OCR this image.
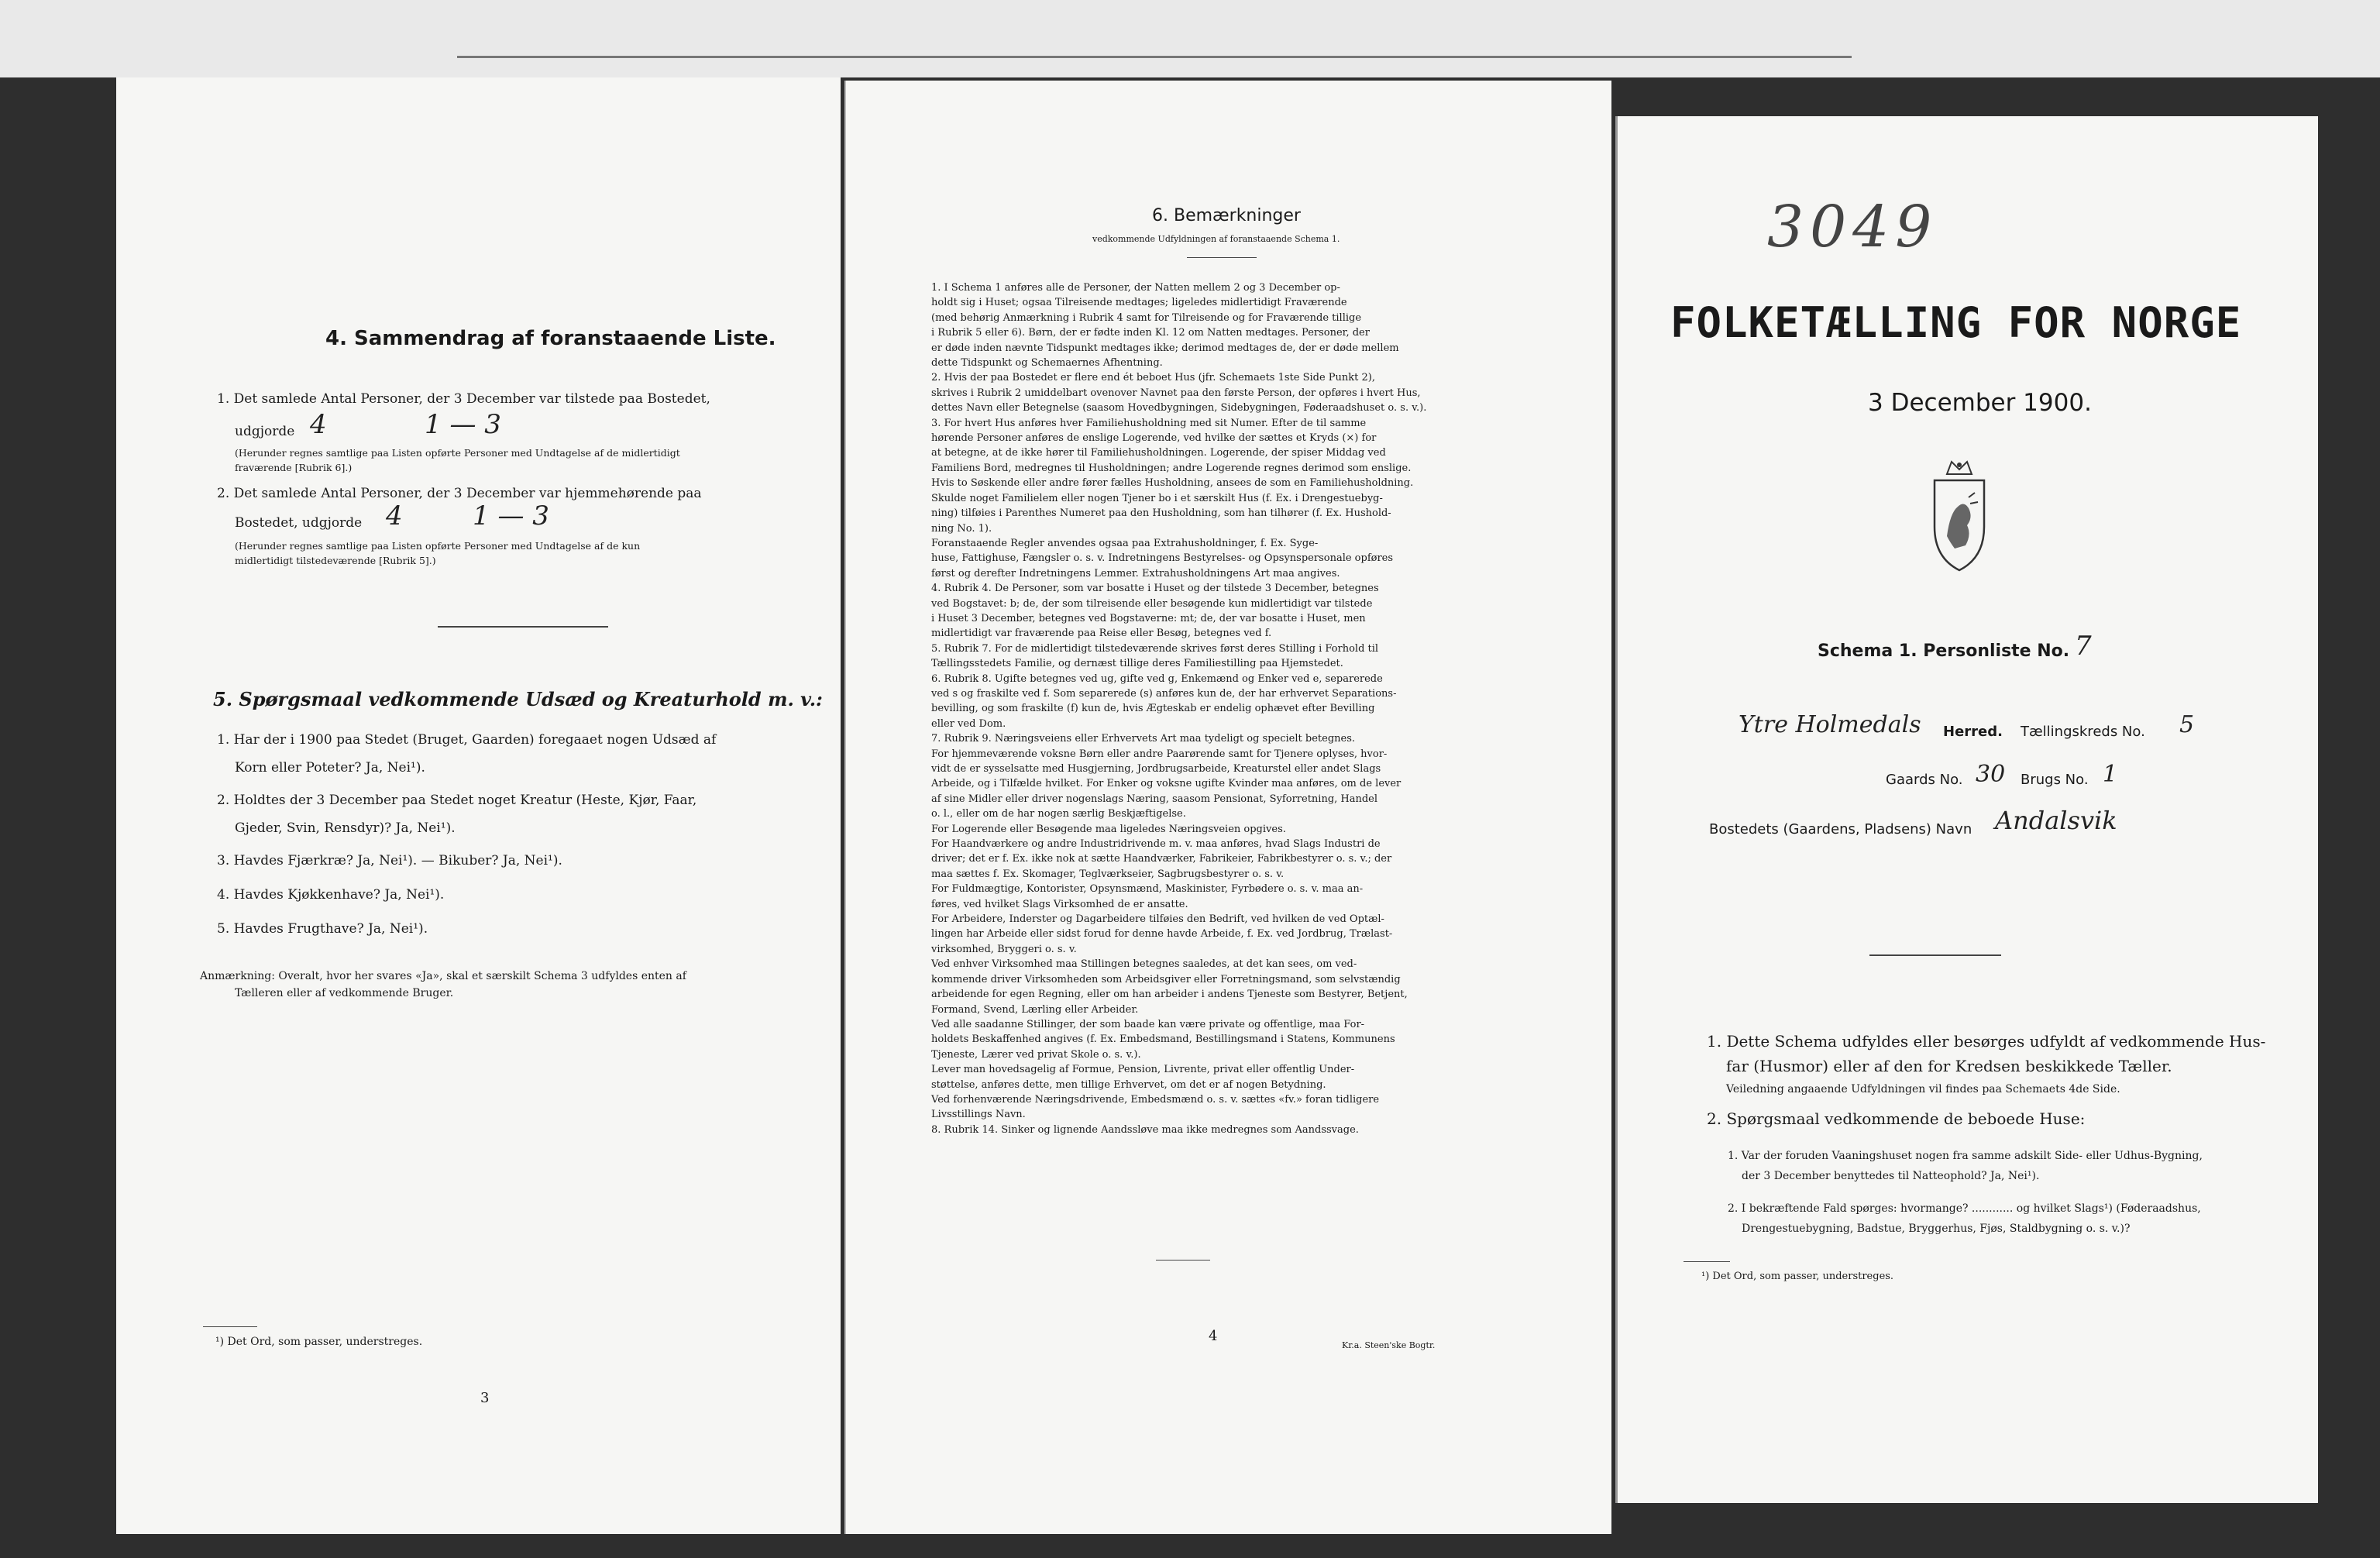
4. Sammendrag af foranstaaende Liste.
1. Det samlede Antal Personer, der 3 December var tilstede paa Bostedet,
udgjorde 4	1 — 3
(Herunder regnes samtlige paa Listen opførte Personer med Undtagelse af de midlertidigt
fraværende [Rubrik 6].)
2. Det samlede Antal Personer, der 3 December var hjemmehørende paa
Bostedet, udgjorde 4	1 — 3
(Herunder regnes samtlige paa Listen opførte Personer med Undtagelse af de kun
midlertidigt tilstedeværende [Rubrik 5].)
5. Spørgsmaal vedkommende Udsæd og Kreaturhold m. v.:
1. Har der i 1900 paa Stedet (Bruget, Gaarden) foregaaet nogen Udsæd af
Korn eller Poteter? Ja, Nei¹).
2. Holdtes der 3 December paa Stedet noget Kreatur (Heste, Kjør, Faar,
Gjeder, Svin, Rensdyr)? Ja, Nei¹).
3. Havdes Fjærkræ? Ja, Nei¹). — Bikuber? Ja, Nei¹).
4. Havdes Kjøkkenhave? Ja, Nei¹).
5. Havdes Frugthave? Ja, Nei¹).
Anmærkning: Overalt, hvor her svares «Ja», skal et særskilt Schema 3 udfyldes enten af
Tælleren eller af vedkommende Bruger.
¹) Det Ord, som passer, understreges.
3
6. Bemærkninger
vedkommende Udfyldningen af foranstaaende Schema 1.
1. I Schema 1 anføres alle de Personer, der Natten mellem 2 og 3 December op-
holdt sig i Huset; ogsaa Tilreisende medtages; ligeledes midlertidigt Fraværende
(med behørig Anmærkning i Rubrik 4 samt for Tilreisende og for Fraværende tillige
i Rubrik 5 eller 6). Børn, der er fødte inden Kl. 12 om Natten medtages. Personer, der
er døde inden nævnte Tidspunkt medtages ikke; derimod medtages de, der er døde mellem
dette Tidspunkt og Schemaernes Afhentning.
2. Hvis der paa Bostedet er flere end ét beboet Hus (jfr. Schemaets 1ste Side Punkt 2),
skrives i Rubrik 2 umiddelbart ovenover Navnet paa den første Person, der opføres i hvert Hus,
dettes Navn eller Betegnelse (saasom Hovedbygningen, Sidebygningen, Føderaadshuset o. s. v.).
3. For hvert Hus anføres hver Familiehusholdning med sit Numer. Efter de til samme
hørende Personer anføres de enslige Logerende, ved hvilke der sættes et Kryds (×) for
at betegne, at de ikke hører til Familiehusholdningen. Logerende, der spiser Middag ved
Familiens Bord, medregnes til Husholdningen; andre Logerende regnes derimod som enslige.
Hvis to Søskende eller andre fører fælles Husholdning, ansees de som en Familiehusholdning.
Skulde noget Familielem eller nogen Tjener bo i et særskilt Hus (f. Ex. i Drengestuebyg-
ning) tilføies i Parenthes Numeret paa den Husholdning, som han tilhører (f. Ex. Hushold-
ning No. 1).
Foranstaaende Regler anvendes ogsaa paa Extrahusholdninger, f. Ex. Syge-
huse, Fattighuse, Fængsler o. s. v. Indretningens Bestyrelses- og Opsynspersonale opføres
først og derefter Indretningens Lemmer. Extrahusholdningens Art maa angives.
4. Rubrik 4. De Personer, som var bosatte i Huset og der tilstede 3 December, betegnes
ved Bogstavet: b; de, der som tilreisende eller besøgende kun midlertidigt var tilstede
i Huset 3 December, betegnes ved Bogstaverne: mt; de, der var bosatte i Huset, men
midlertidigt var fraværende paa Reise eller Besøg, betegnes ved f.
5. Rubrik 7. For de midlertidigt tilstedeværende skrives først deres Stilling i Forhold til
Tællingsstedets Familie, og dernæst tillige deres Familiestilling paa Hjemstedet.
6. Rubrik 8. Ugifte betegnes ved ug, gifte ved g, Enkemænd og Enker ved e, separerede
ved s og fraskilte ved f. Som separerede (s) anføres kun de, der har erhvervet Separations-
bevilling, og som fraskilte (f) kun de, hvis Ægteskab er endelig ophævet efter Bevilling
eller ved Dom.
7. Rubrik 9. Næringsveiens eller Erhvervets Art maa tydeligt og specielt betegnes.
For hjemmeværende voksne Børn eller andre Paarørende samt for Tjenere oplyses, hvor-
vidt de er sysselsatte med Husgjerning, Jordbrugsarbeide, Kreaturstel eller andet Slags
Arbeide, og i Tilfælde hvilket. For Enker og voksne ugifte Kvinder maa anføres, om de lever
af sine Midler eller driver nogenslags Næring, saasom Pensionat, Syforretning, Handel
o. l., eller om de har nogen særlig Beskjæftigelse.
For Logerende eller Besøgende maa ligeledes Næringsveien opgives.
For Haandværkere og andre Industridrivende m. v. maa anføres, hvad Slags Industri de
driver; det er f. Ex. ikke nok at sætte Haandværker, Fabrikeier, Fabrikbestyrer o. s. v.; der
maa sættes f. Ex. Skomager, Teglværkseier, Sagbrugsbestyrer o. s. v.
For Fuldmægtige, Kontorister, Opsynsmænd, Maskinister, Fyrbødere o. s. v. maa an-
føres, ved hvilket Slags Virksomhed de er ansatte.
For Arbeidere, Inderster og Dagarbeidere tilføies den Bedrift, ved hvilken de ved Optæl-
lingen har Arbeide eller sidst forud for denne havde Arbeide, f. Ex. ved Jordbrug, Trælast-
virksomhed, Bryggeri o. s. v.
Ved enhver Virksomhed maa Stillingen betegnes saaledes, at det kan sees, om ved-
kommende driver Virksomheden som Arbeidsgiver eller Forretningsmand, som selvstændig
arbeidende for egen Regning, eller om han arbeider i andens Tjeneste som Bestyrer, Betjent,
Formand, Svend, Lærling eller Arbeider.
Ved alle saadanne Stillinger, der som baade kan være private og offentlige, maa For-
holdets Beskaffenhed angives (f. Ex. Embedsmand, Bestillingsmand i Statens, Kommunens
Tjeneste, Lærer ved privat Skole o. s. v.).
Lever man hovedsagelig af Formue, Pension, Livrente, privat eller offentlig Under-
støttelse, anføres dette, men tillige Erhvervet, om det er af nogen Betydning.
Ved forhenværende Næringsdrivende, Embedsmænd o. s. v. sættes «fv.» foran tidligere
Livsstillings Navn.
8. Rubrik 14. Sinker og lignende Aandssløve maa ikke medregnes som Aandssvage.
4
Kr.a. Steen'ske Bogtr.
3049
FOLKETÆLLING FOR NORGE
3 December 1900.
Schema 1. Personliste No. 7
Ytre Holmedals Herred. Tællingskreds No. 5
Gaards No. 30 Brugs No. 1
Bostedets (Gaardens, Pladsens) Navn Andalsvik
1. Dette Schema udfyldes eller besørges udfyldt af vedkommende Hus-
far (Husmor) eller af den for Kredsen beskikkede Tæller.
Veiledning angaaende Udfyldningen vil findes paa Schemaets 4de Side.
2. Spørgsmaal vedkommende de beboede Huse:
1. Var der foruden Vaaningshuset nogen fra samme adskilt Side- eller Udhus-Bygning,
der 3 December benyttedes til Natteophold? Ja, Nei¹).
2. I bekræftende Fald spørges: hvormange? ............ og hvilket Slags¹) (Føderaadshus,
Drengestuebygning, Badstue, Bryggerhus, Fjøs, Staldbygning o. s. v.)?
¹) Det Ord, som passer, understreges.
